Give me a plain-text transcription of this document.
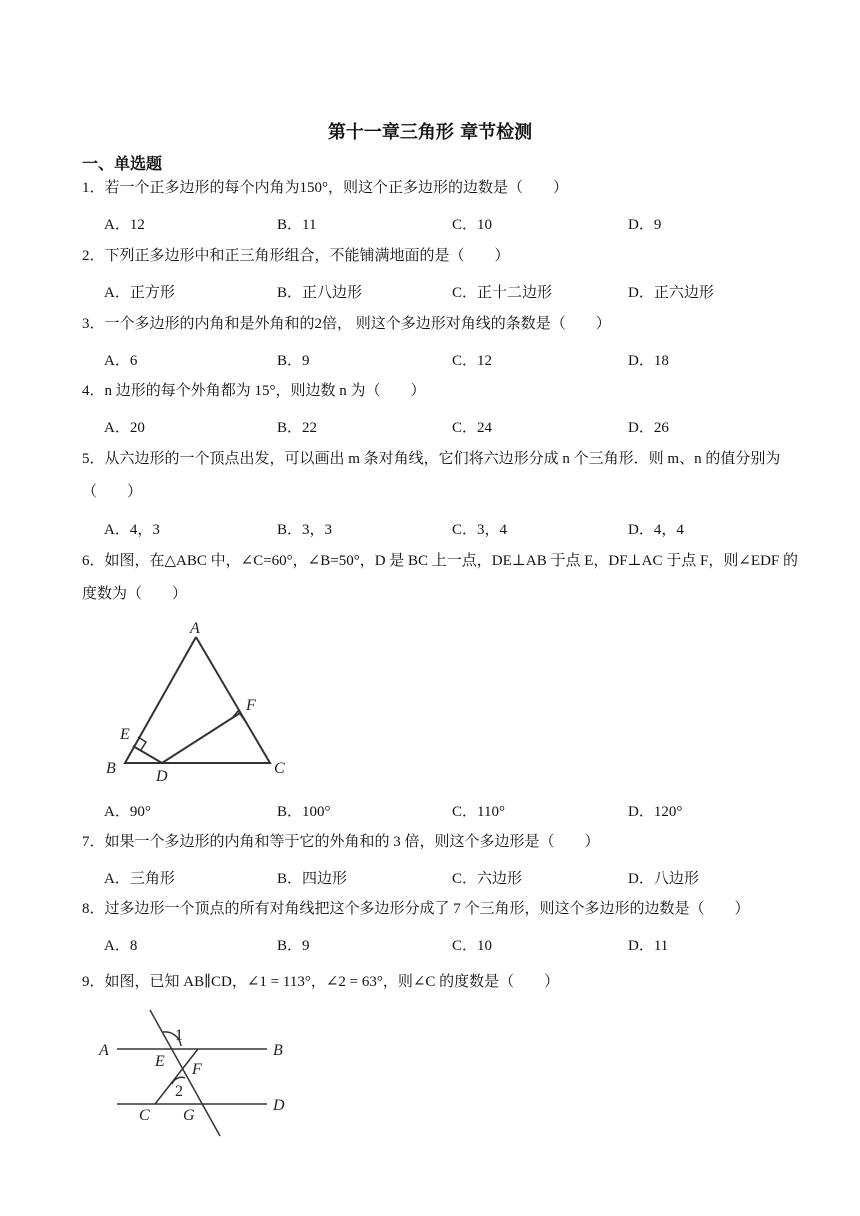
第十一章三角形 章节检测
一、单选题
1．若一个正多边形的每个内角为150°，则这个正多边形的边数是（　　）
A．12	B．11	C．10	D．9
2．下列正多边形中和正三角形组合，不能铺满地面的是（　　）
A．正方形	B．正八边形	C．正十二边形	D．正六边形
3．一个多边形的内角和是外角和的2倍， 则这个多边形对角线的条数是（　　）
A．6	B．9	C．12	D．18
4．n 边形的每个外角都为 15°，则边数 n 为（　　）
A．20	B．22	C．24	D．26
5．从六边形的一个顶点出发，可以画出 m 条对角线，它们将六边形分成 n 个三角形．则 m、n 的值分别为（　　）
A．4，3	B．3，3	C．3，4	D．4，4
6．如图，在△ABC 中，∠C=60°，∠B=50°，D 是 BC 上一点，DE⊥AB 于点 E，DF⊥AC 于点 F，则∠EDF 的度数为（　　）
A
B	C
D
E
F
A．90°	B．100°	C．110°	D．120°
7．如果一个多边形的内角和等于它的外角和的 3 倍，则这个多边形是（　　）
A．三角形	B．四边形	C．六边形	D．八边形
8．过多边形一个顶点的所有对角线把这个多边形分成了 7 个三角形，则这个多边形的边数是（　　）
A．8	B．9	C．10	D．11
9．如图，已知 AB∥CD，∠1 = 113°，∠2 = 63°，则∠C 的度数是（　　）
A	B
C
D
E F
G
1
2
